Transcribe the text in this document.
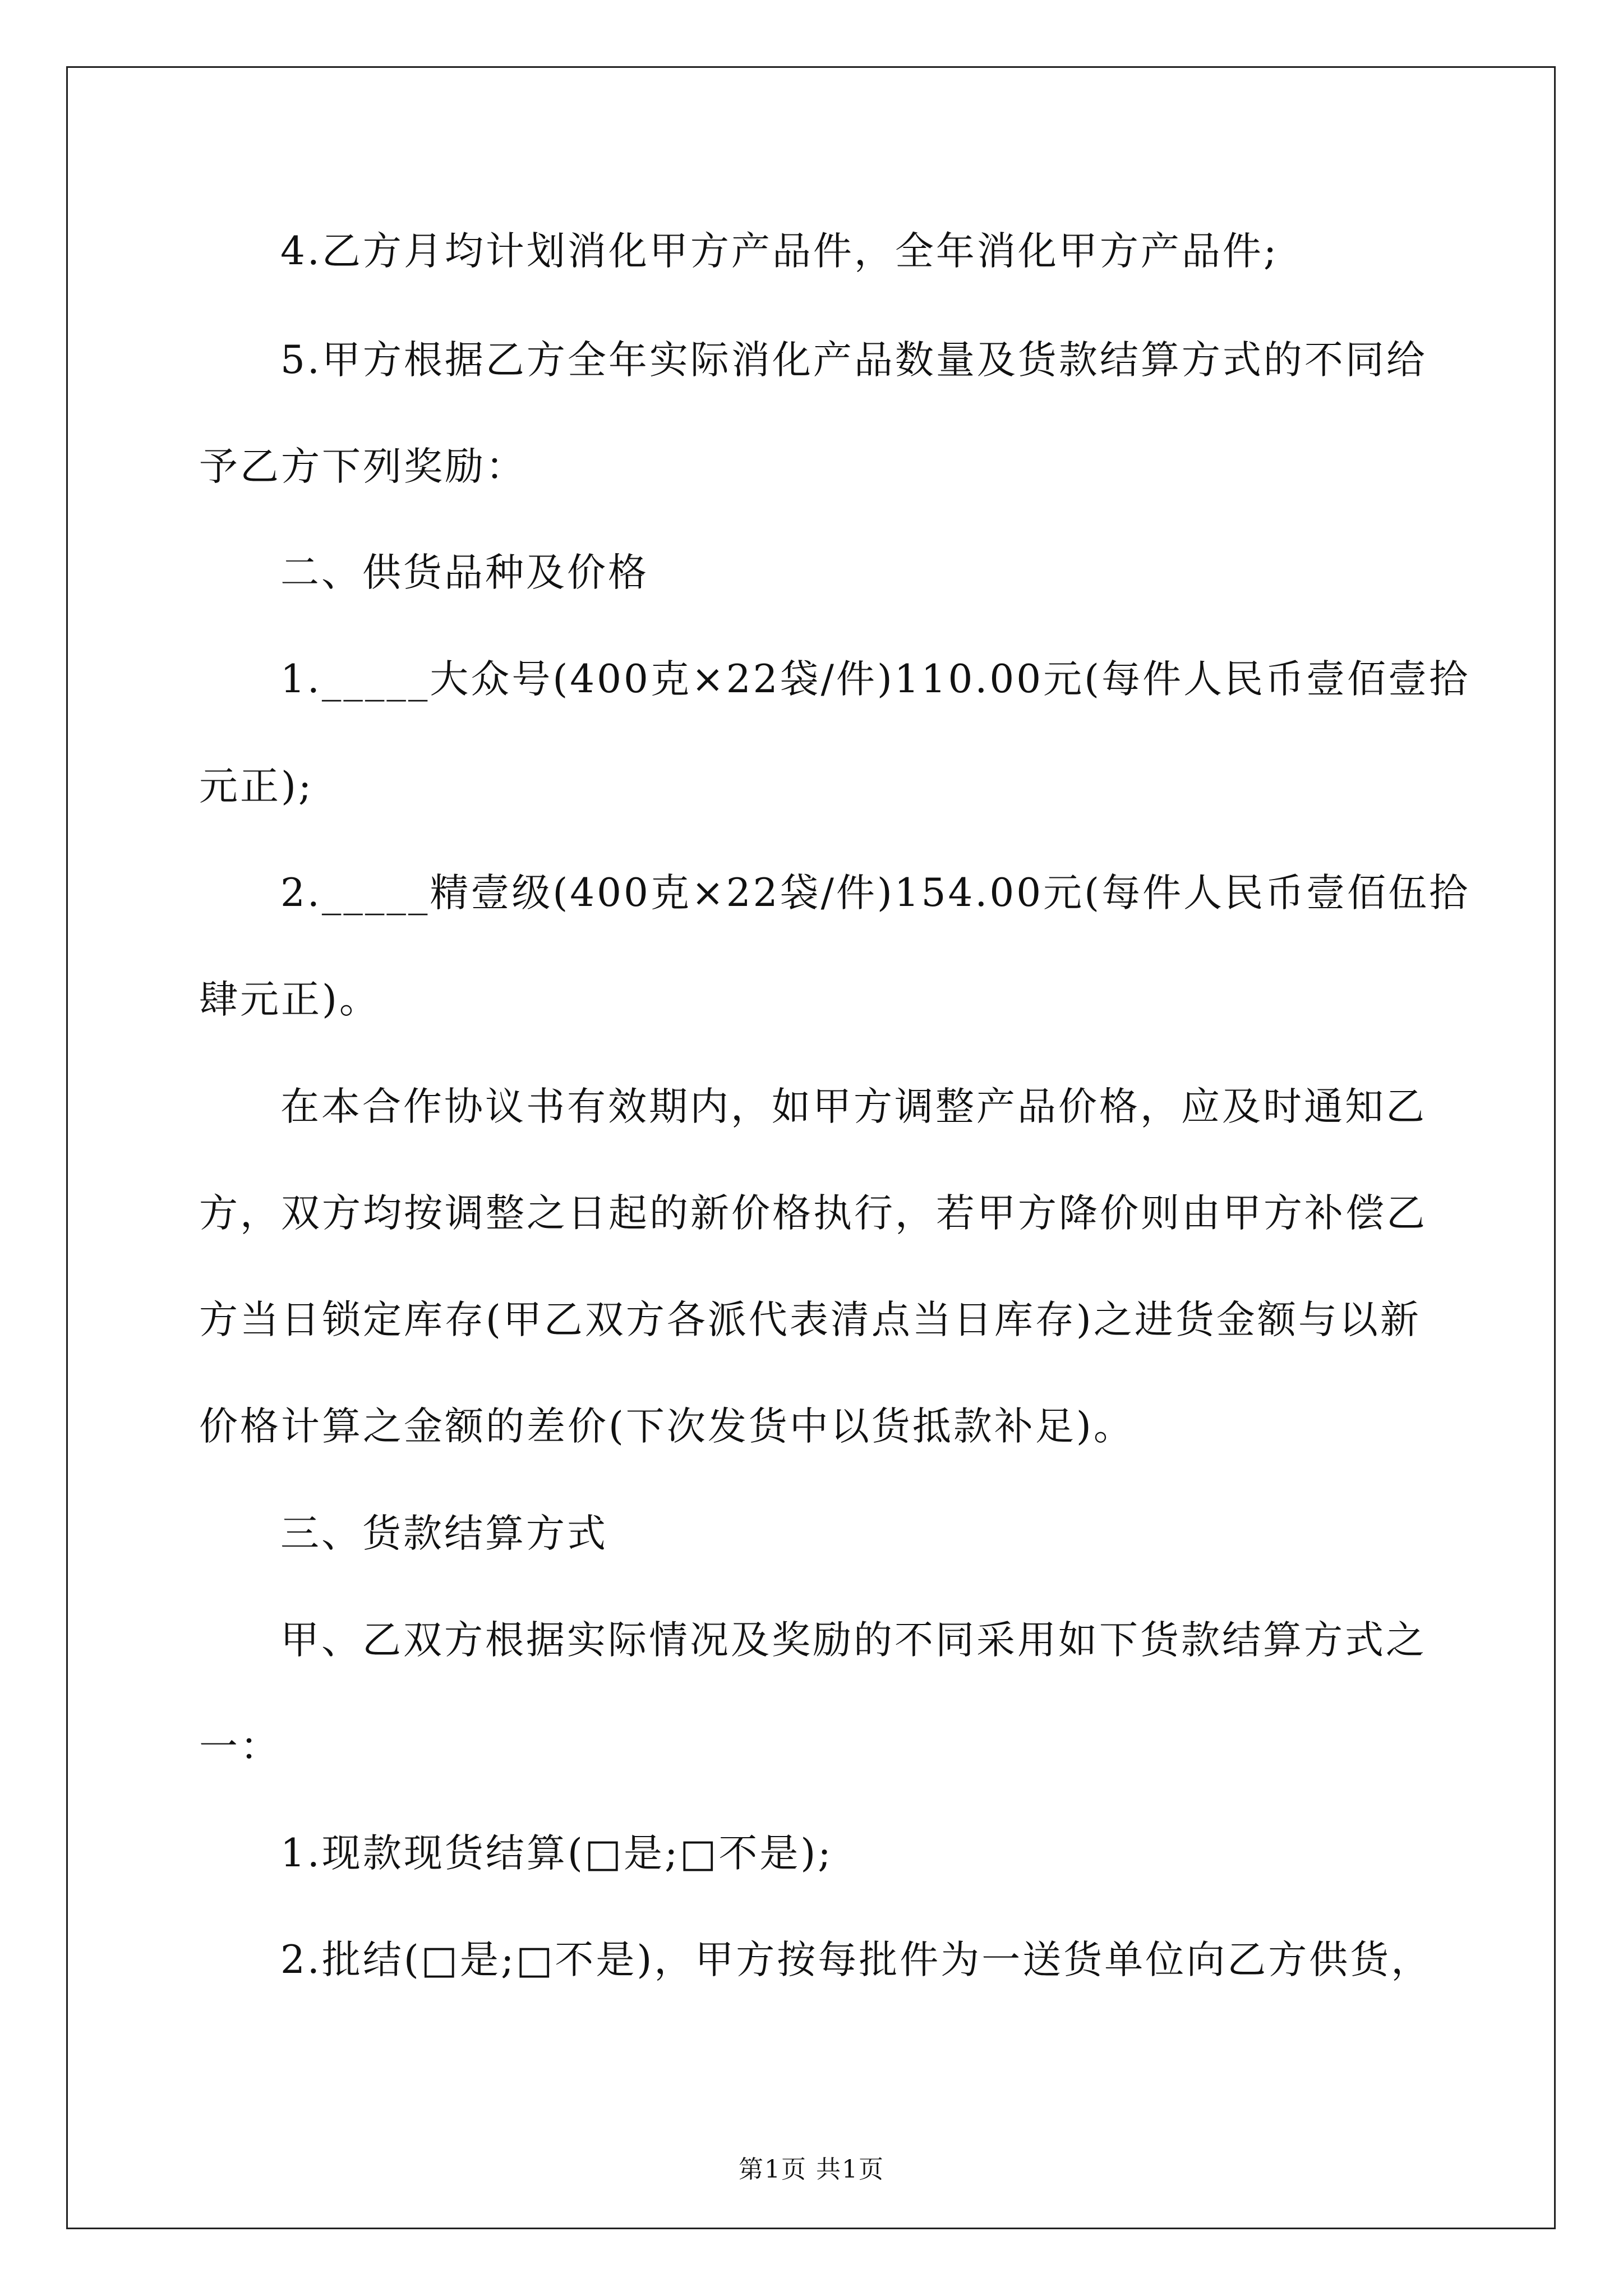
4.乙方月均计划消化甲方产品件，全年消化甲方产品件;
5.甲方根据乙方全年实际消化产品数量及货款结算方式的不同给
予乙方下列奖励：
二、供货品种及价格
1._____大众号(400克×22袋/件)110.00元(每件人民币壹佰壹拾
元正);
2._____精壹级(400克×22袋/件)154.00元(每件人民币壹佰伍拾
肆元正)。
在本合作协议书有效期内，如甲方调整产品价格，应及时通知乙
方，双方均按调整之日起的新价格执行，若甲方降价则由甲方补偿乙
方当日锁定库存(甲乙双方各派代表清点当日库存)之进货金额与以新
价格计算之金额的差价(下次发货中以货抵款补足)。
三、货款结算方式
甲、乙双方根据实际情况及奖励的不同采用如下货款结算方式之
一：
1.现款现货结算(□是;□不是);
2.批结(□是;□不是)，甲方按每批件为一送货单位向乙方供货，
第1页 共1页
